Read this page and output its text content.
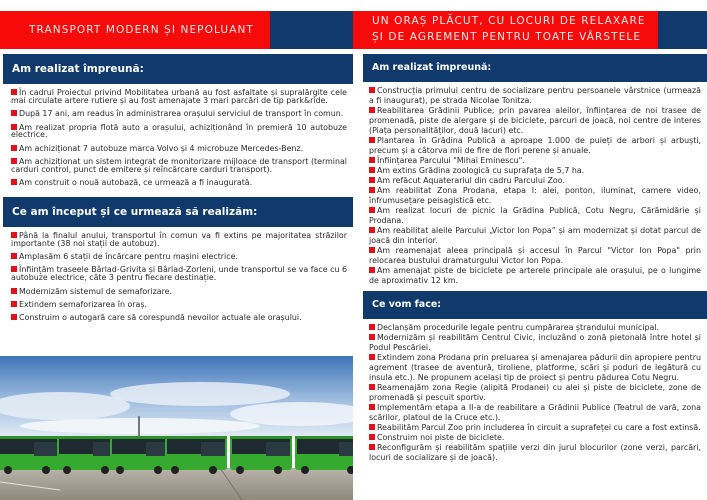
TRANSPORT MODERN ȘI NEPOLUANT
UN ORAȘ PLĂCUT, CU LOCURI DE RELAXARE
ȘI DE AGREMENT PENTRU TOATE VÂRSTELE
Am realizat împreună:
În cadrul Proiectul privind Mobilitatea urbană au fost asfaltate și supralărgite cele mai circulate artere rutiere și au fost amenajate 3 mari parcări de tip park&ride.
După 17 ani, am readus în administrarea orașului serviciul de transport în comun.
Am realizat propria flotă auto a orașului, achiziționând în premieră 10 autobuze electrice.
Am achiziționat 7 autobuze marca Volvo și 4 microbuze Mercedes-Benz.
Am achiziționat un sistem integrat de monitorizare mijloace de transport (terminal carduri control, punct de emitere și reîncărcare carduri transport).
Am construit o nouă autobază, ce urmează a fi inaugurată.
Ce am început și ce urmează să realizăm:
Până la finalul anului, transportul în comun va fi extins pe majoritatea străzilor importante (38 noi stații de autobuz).
Amplasăm 6 stații de încărcare pentru mașini electrice.
Înființăm traseele Bârlad-Grivița și Bârlad-Zorleni, unde transportul se va face cu 6 autobuze electrice, câte 3 pentru fiecare destinație.
Modernizăm sistemul de semaforizare.
Extindem semaforizarea în oraș.
Construim o autogară care să corespundă nevoilor actuale ale orașului.
Am realizat împreună:
Construcția primului centru de socializare pentru persoanele vârstnice (urmează a fi inaugurat), pe strada Nicolae Tonitza.
Reabilitarea Grădinii Publice, prin pavarea aleilor, înființarea de noi trasee de promenadă, piste de alergare și de biciclete, parcuri de joacă, noi centre de interes (Piața personalităților, două lacuri) etc.
Plantarea în Grădina Publică a aproape 1.000 de puieți de arbori și arbuști, precum și a câtorva mii de fire de flori perene și anuale.
Înființarea Parcului "Mihai Eminescu".
Am extins Grădina zoologică cu suprafața de 5,7 ha.
Am refăcut Aquaterariul din cadru Parcului Zoo.
Am reabilitat Zona Prodana, etapa I: alei, ponton, iluminat, camere video, înfrumusețare peisagistică etc.
Am realizat locuri de picnic la Grădina Publică, Cotu Negru, Cărămidărie și Prodana.
Am reabilitat aleile Parcului „Victor Ion Popa” și am modernizat și dotat parcul de joacă din interior.
Am reamenajat aleea principală și accesul în Parcul "Victor Ion Popa" prin relocarea bustului dramaturgului Victor Ion Popa.
Am amenajat piste de biciclete pe arterele principale ale orașului, pe o lungime de aproximativ 12 km.
Ce vom face:
Declanșăm procedurile legale pentru cumpărarea ștrandului municipal.
Modernizăm și reabilităm Centrul Civic, incluzând o zonă pietonală între hotel și Podul Pescăriei.
Extindem zona Prodana prin preluarea și amenajarea pădurii din apropiere pentru agrement (trasee de aventură, tiroliene, platforme, scări și poduri de legătură cu insula etc.). Ne propunem același tip de proiect și pentru pădurea Cotu Negru.
Reamenajăm zona Regie (alipită Prodanei) cu alei și piste de biciclete, zone de promenadă și pescuit sportiv.
Implementăm etapa a II-a de reabilitare a Grădinii Publice (Teatrul de vară, zona scărilor, platoul de la Cruce etc.).
Reabilităm Parcul Zoo prin includerea în circuit a suprafeței cu care a fost extinsă.
Construim noi piste de biciclete.
Reconfigurăm și reabilităm spațiile verzi din jurul blocurilor (zone verzi, parcări, locuri de socializare și de joacă).
